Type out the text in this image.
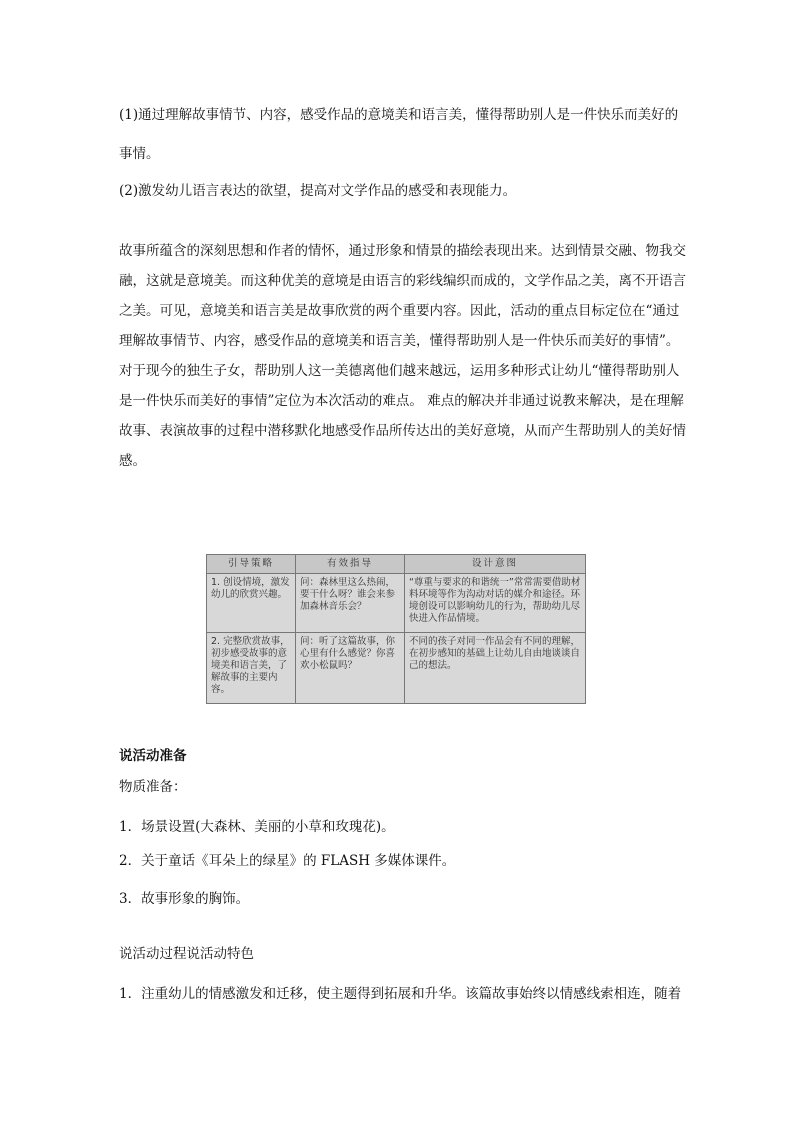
(1)通过理解故事情节、内容，感受作品的意境美和语言美，懂得帮助别人是一件快乐而美好的
事情。
(2)激发幼儿语言表达的欲望，提高对文学作品的感受和表现能力。
故事所蕴含的深刻思想和作者的情怀，通过形象和情景的描绘表现出来。达到情景交融、物我交
融，这就是意境美。而这种优美的意境是由语言的彩线编织而成的，文学作品之美，离不开语言
之美。可见，意境美和语言美是故事欣赏的两个重要内容。因此，活动的重点目标定位在“通过
理解故事情节、内容，感受作品的意境美和语言美，懂得帮助别人是一件快乐而美好的事情”。
对于现今的独生子女，帮助别人这一美德离他们越来越远，运用多种形式让幼儿“懂得帮助别人
是一件快乐而美好的事情”定位为本次活动的难点。 难点的解决并非通过说教来解决，是在理解
故事、表演故事的过程中潜移默化地感受作品所传达出的美好意境，从而产生帮助别人的美好情
感。
引导策略	有效指导	设计意图
1. 创设情境，激发幼儿的欣赏兴趣。	问：森林里这么热闹，要干什么呀？谁会来参加森林音乐会？	“尊重与要求的和谐统一”常常需要借助材料环境等作为沟动对话的媒介和途径。环境创设可以影响幼儿的行为，帮助幼儿尽快进入作品情境。
2. 完整欣赏故事，初步感受故事的意境美和语言美，了解故事的主要内容。	问：听了这篇故事，你心里有什么感觉？你喜欢小松鼠吗？	不同的孩子对同一作品会有不同的理解，在初步感知的基础上让幼儿自由地谈谈自己的想法。
说活动准备
物质准备：
1．场景设置(大森林、美丽的小草和玫瑰花)。
2．关于童话《耳朵上的绿星》的 FLASH 多媒体课件。
3．故事形象的胸饰。
说活动过程说活动特色
1．注重幼儿的情感激发和迁移，使主题得到拓展和升华。该篇故事始终以情感线索相连，随着
